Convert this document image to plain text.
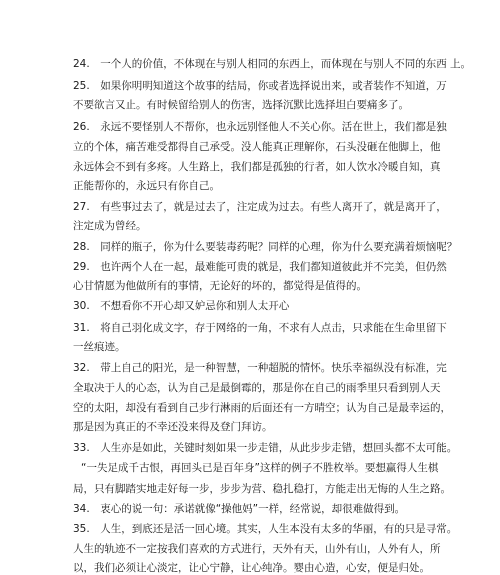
24.　一个人的价值，不体现在与别人相同的东西上，而体现在与别人不同的东西 上。
25.　如果你明明知道这个故事的结局，你或者选择说出来，或者装作不知道，万
不要欲言又止。有时候留给别人的伤害，选择沉默比选择坦白要痛多了。
26.　永远不要怪别人不帮你，也永远别怪他人不关心你。活在世上，我们都是独
立的个体，痛苦难受都得自己承受。没人能真正理解你，石头没砸在他脚上，他
永远体会不到有多疼。人生路上，我们都是孤独的行者，如人饮水冷暖自知，真
正能帮你的，永远只有你自己。
27.　有些事过去了，就是过去了，注定成为过去。有些人离开了，就是离开了，
注定成为曾经。
28.　同样的瓶子，你为什么要装毒药呢？同样的心理，你为什么要充满着烦恼呢？
29.　也许两个人在一起，最难能可贵的就是，我们都知道彼此并不完美，但仍然
心甘情愿为他做所有的事情，无论好的坏的，都觉得是值得的。
30.　不想看你不开心却又妒忌你和别人太开心
31.　将自己羽化成文字，存于网络的一角，不求有人点击，只求能在生命里留下
一丝痕迹。
32.　带上自己的阳光，是一种智慧，一种超脱的情怀。快乐幸福纵没有标准，完
全取决于人的心态，认为自己是最倒霉的，那是你在自己的雨季里只看到别人天
空的太阳，却没有看到自己步行淋雨的后面还有一方晴空；认为自己是最幸运的，
那是因为真正的不幸还没来得及登门拜访。
33.　人生亦是如此，关键时刻如果一步走错，从此步步走错，想回头都不太可能。
“一失足成千古恨，再回头已是百年身”这样的例子不胜枚举。要想赢得人生棋
局，只有脚踏实地走好每一步，步步为营、稳扎稳打，方能走出无悔的人生之路。
34.　衷心的说一句：承诺就像“操他妈”一样，经常说，却很难做得到。
35.　人生，到底还是活一回心境。其实，人生本没有太多的华丽，有的只是寻常。
人生的轨迹不一定按我们喜欢的方式进行，天外有天，山外有山，人外有人，所
以，我们必须让心淡定，让心宁静，让心纯净。婴由心造，心安，便是归处。
